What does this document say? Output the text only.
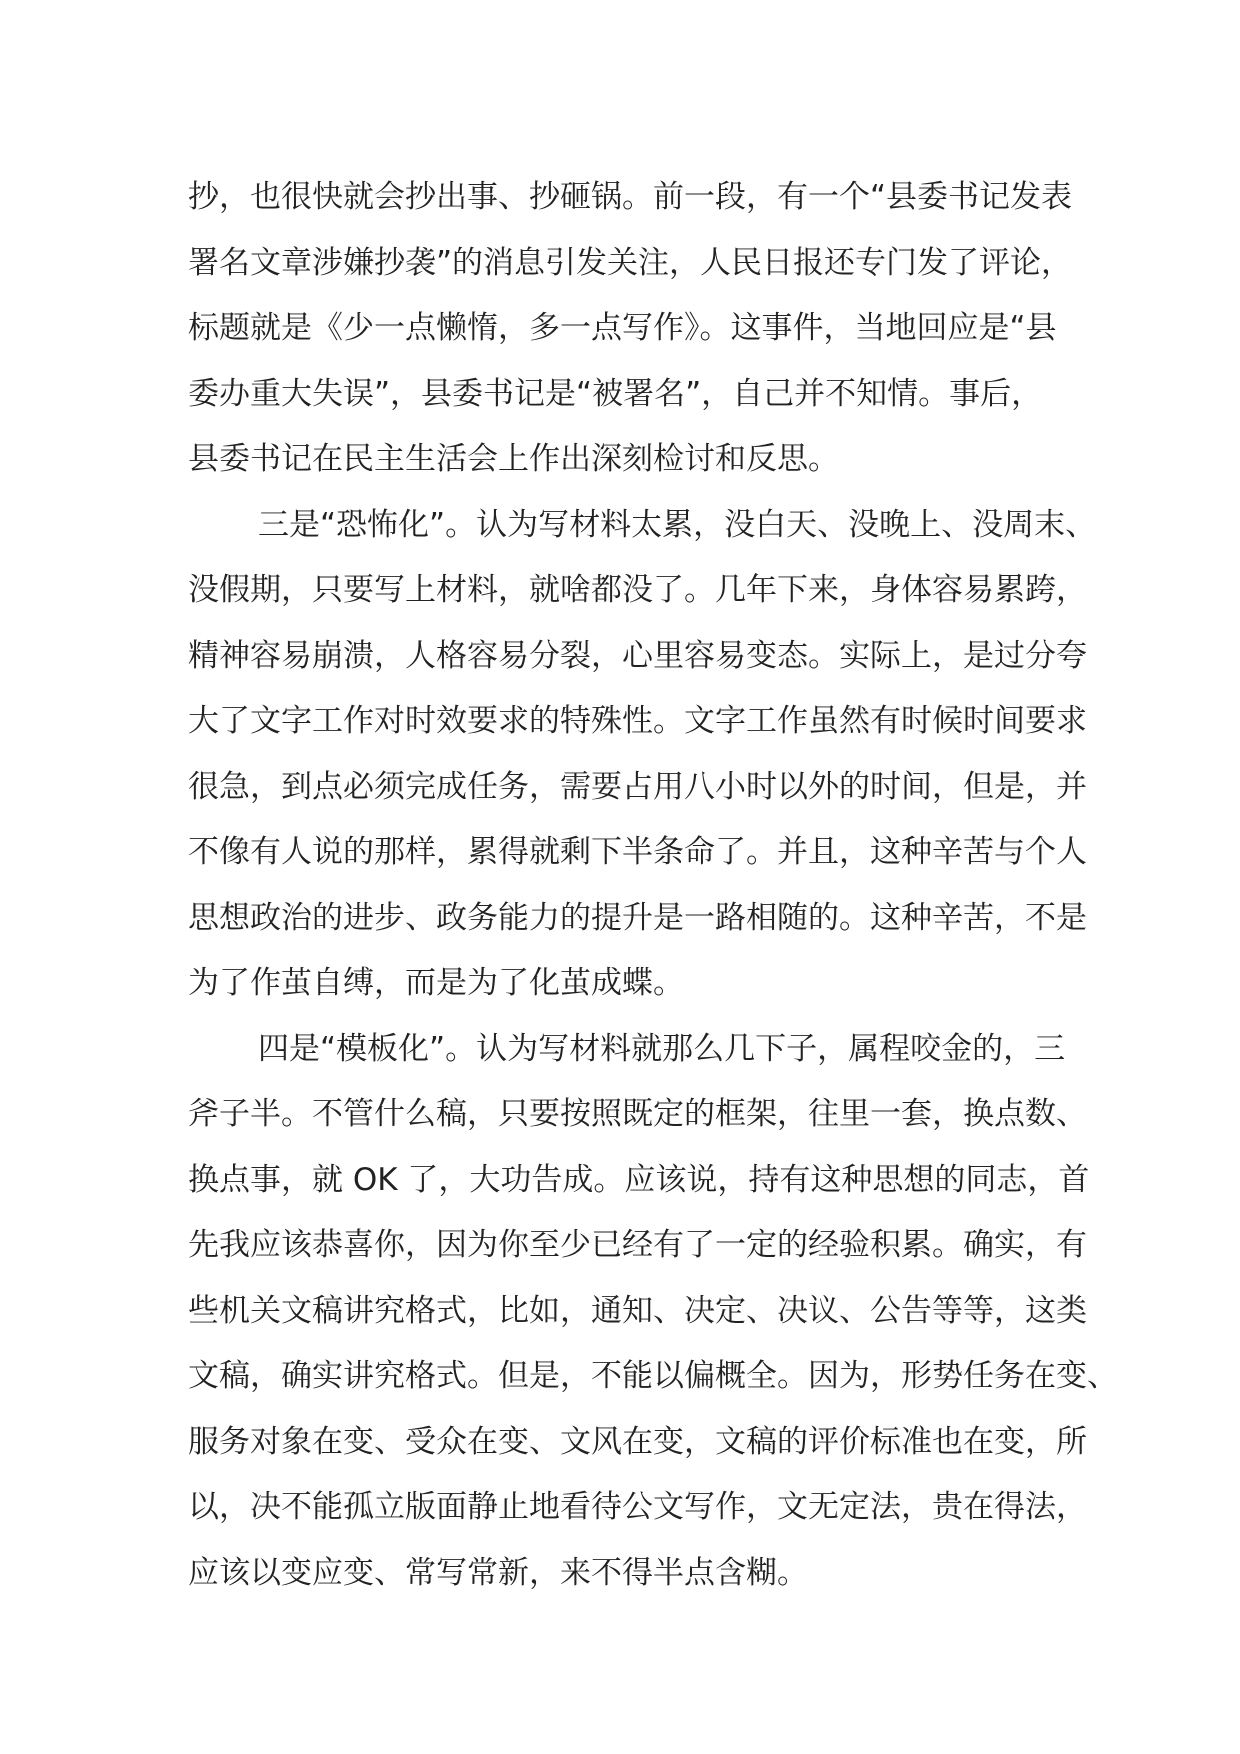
抄，也很快就会抄出事、抄砸锅。前一段，有一个“县委书记发表
署名文章涉嫌抄袭”的消息引发关注，人民日报还专门发了评论，
标题就是《少一点懒惰，多一点写作》。这事件，当地回应是“县
委办重大失误”，县委书记是“被署名”，自己并不知情。事后，
县委书记在民主生活会上作出深刻检讨和反思。
三是“恐怖化”。认为写材料太累，没白天、没晚上、没周末、
没假期，只要写上材料，就啥都没了。几年下来，身体容易累跨，
精神容易崩溃，人格容易分裂，心里容易变态。实际上，是过分夸
大了文字工作对时效要求的特殊性。文字工作虽然有时候时间要求
很急，到点必须完成任务，需要占用八小时以外的时间，但是，并
不像有人说的那样，累得就剩下半条命了。并且，这种辛苦与个人
思想政治的进步、政务能力的提升是一路相随的。这种辛苦，不是
为了作茧自缚，而是为了化茧成蝶。
四是“模板化”。认为写材料就那么几下子，属程咬金的，三
斧子半。不管什么稿，只要按照既定的框架，往里一套，换点数、
换点事，就 OK 了，大功告成。应该说，持有这种思想的同志，首
先我应该恭喜你，因为你至少已经有了一定的经验积累。确实，有
些机关文稿讲究格式，比如，通知、决定、决议、公告等等，这类
文稿，确实讲究格式。但是，不能以偏概全。因为，形势任务在变、
服务对象在变、受众在变、文风在变，文稿的评价标准也在变，所
以，决不能孤立版面静止地看待公文写作，文无定法，贵在得法，
应该以变应变、常写常新，来不得半点含糊。
